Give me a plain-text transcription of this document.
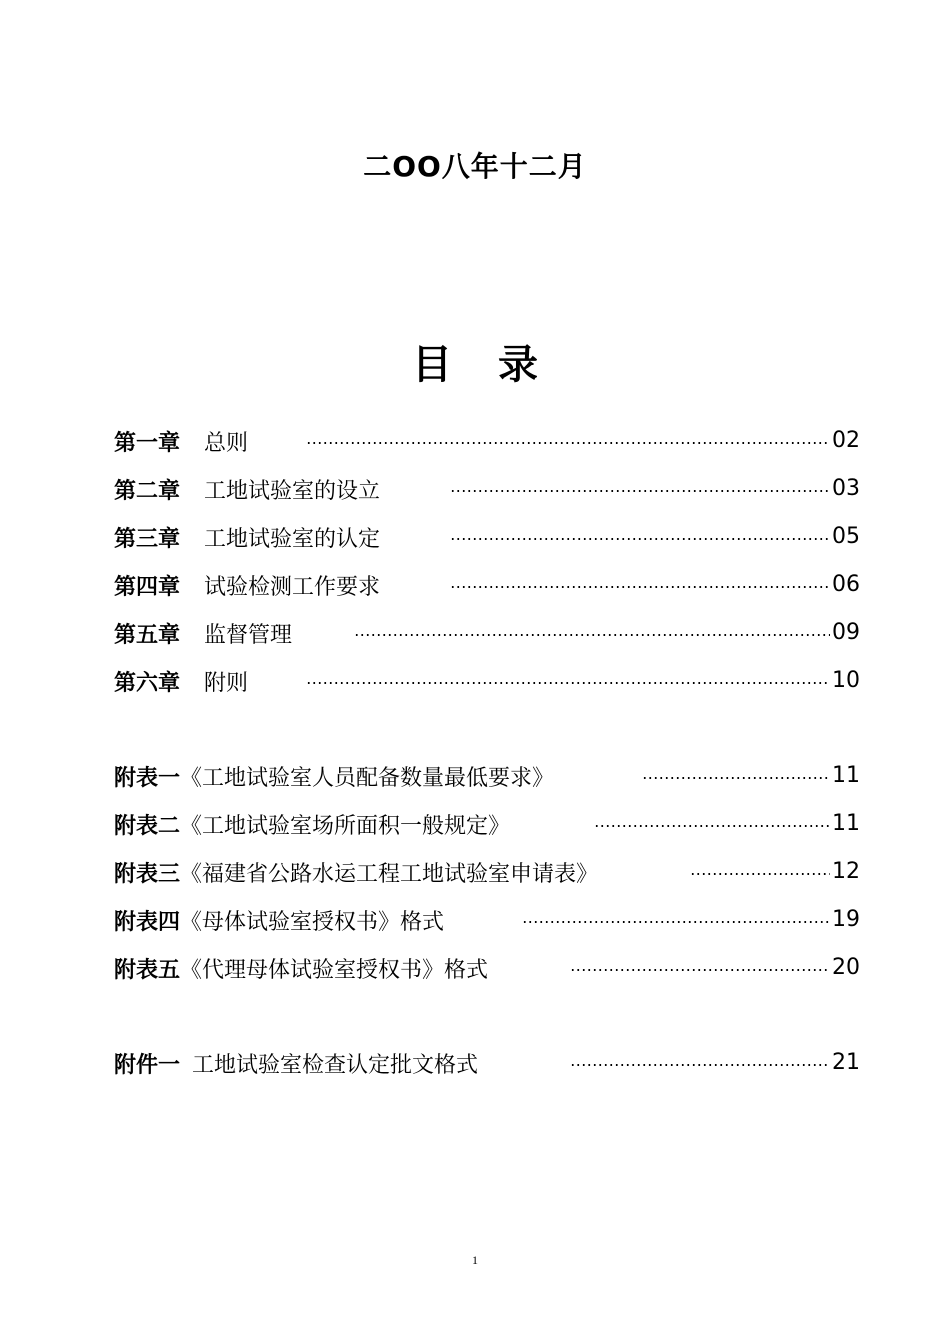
二OO八年十二月
目 录
第一章 总则	02
第二章 工地试验室的设立	03
第三章 工地试验室的认定	05
第四章 试验检测工作要求	06
第五章 监督管理	09
第六章 附则	10
附表一 《工地试验室人员配备数量最低要求》	11
附表二 《工地试验室场所面积一般规定》	11
附表三 《福建省公路水运工程工地试验室申请表》	12
附表四 《母体试验室授权书》格式	19
附表五 《代理母体试验室授权书》格式	20
附件一 工地试验室检查认定批文格式	21
1
